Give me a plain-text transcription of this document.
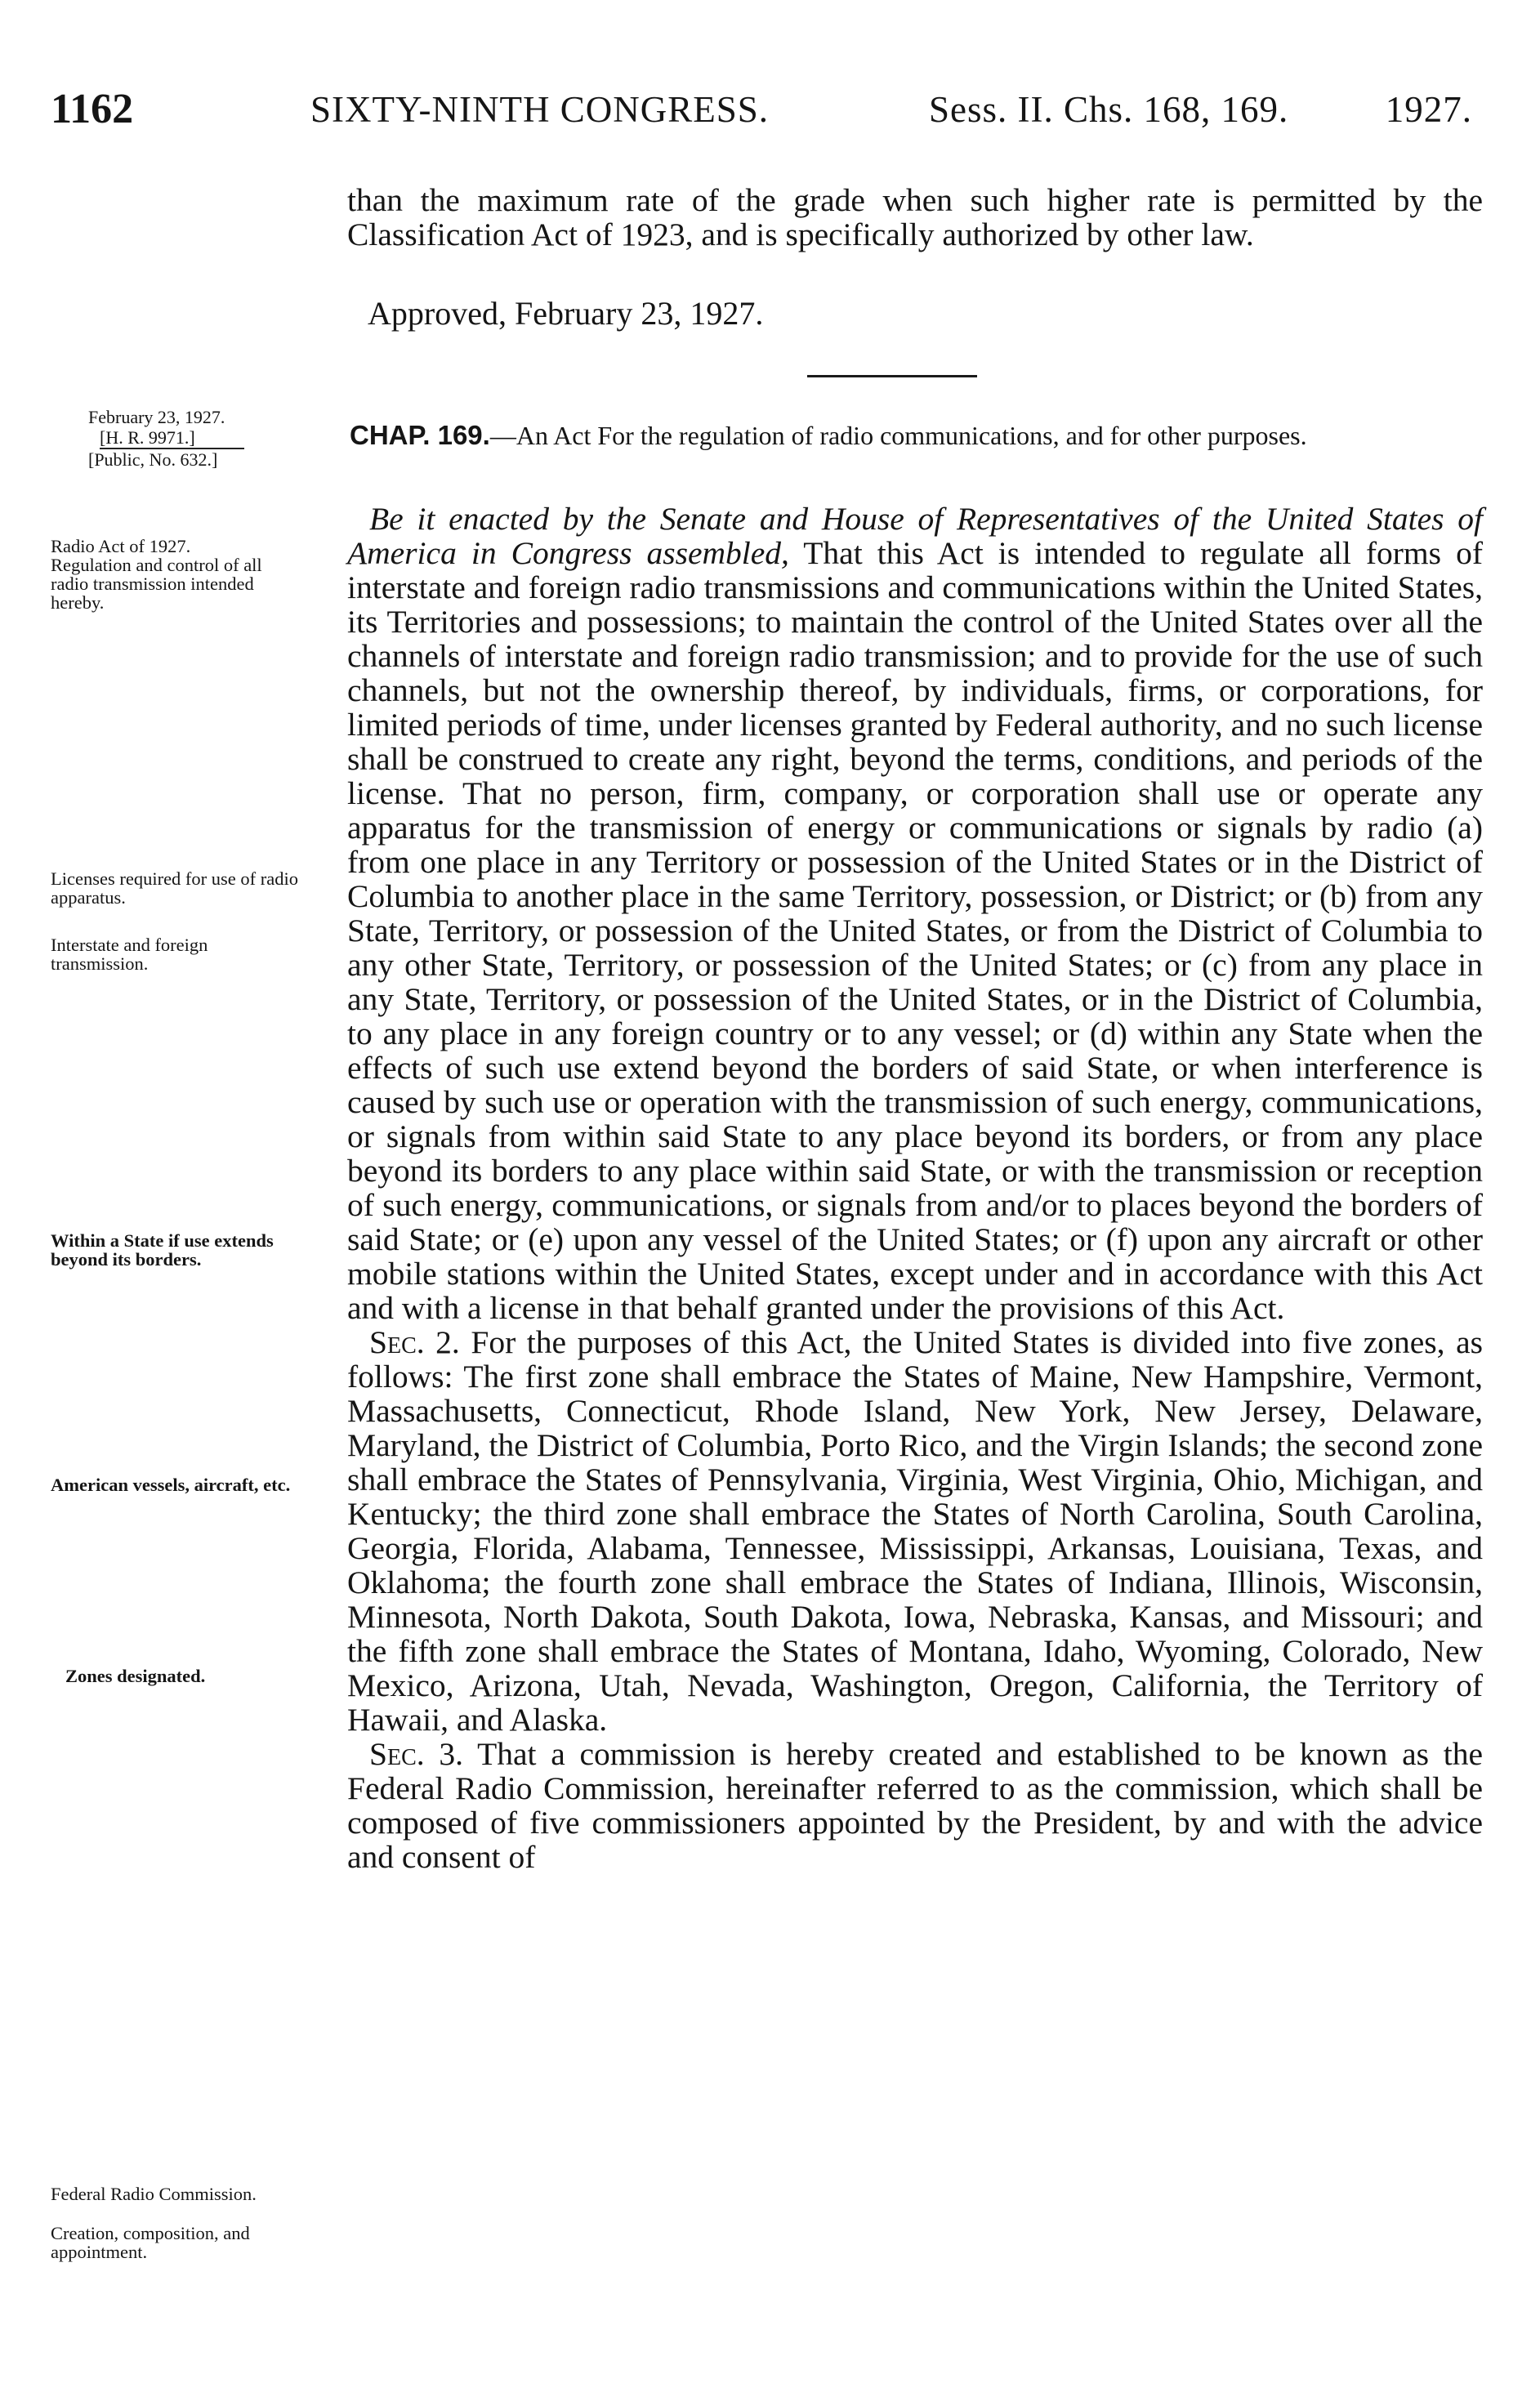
1162	SIXTY-NINTH CONGRESS.	Sess. II. Chs. 168, 169.	1927.

than the maximum rate of the grade when such higher rate is permitted by the Classification Act of 1923, and is specifically authorized by other law.

Approved, February 23, 1927.
February 23, 1927.
[H. R. 9971.]
[Public, No. 632.]
CHAP. 169.—An Act For the regulation of radio communications, and for other purposes.

Be it enacted by the Senate and House of Representatives of the United States of America in Congress assembled, That this Act is intended to regulate all forms of interstate and foreign radio transmissions and communications within the United States, its Territories and possessions; to maintain the control of the United States over all the channels of interstate and foreign radio transmission; and to provide for the use of such channels, but not the ownership thereof, by individuals, firms, or corporations, for limited periods of time, under licenses granted by Federal authority, and no such license shall be construed to create any right, beyond the terms, conditions, and periods of the license. That no person, firm, company, or corporation shall use or operate any apparatus for the transmission of energy or communications or signals by radio (a) from one place in any Territory or possession of the United States or in the District of Columbia to another place in the same Territory, possession, or District; or (b) from any State, Territory, or possession of the United States, or from the District of Columbia to any other State, Territory, or possession of the United States; or (c) from any place in any State, Territory, or possession of the United States, or in the District of Columbia, to any place in any foreign country or to any vessel; or (d) within any State when the effects of such use extend beyond the borders of said State, or when interference is caused by such use or operation with the transmission of such energy, communications, or signals from within said State to any place beyond its borders, or from any place beyond its borders to any place within said State, or with the transmission or reception of such energy, communications, or signals from and/or to places beyond the borders of said State; or (e) upon any vessel of the United States; or (f) upon any aircraft or other mobile stations within the United States, except under and in accordance with this Act and with a license in that behalf granted under the provisions of this Act.

Sec. 2. For the purposes of this Act, the United States is divided into five zones, as follows: The first zone shall embrace the States of Maine, New Hampshire, Vermont, Massachusetts, Connecticut, Rhode Island, New York, New Jersey, Delaware, Maryland, the District of Columbia, Porto Rico, and the Virgin Islands; the second zone shall embrace the States of Pennsylvania, Virginia, West Virginia, Ohio, Michigan, and Kentucky; the third zone shall embrace the States of North Carolina, South Carolina, Georgia, Florida, Alabama, Tennessee, Mississippi, Arkansas, Louisiana, Texas, and Oklahoma; the fourth zone shall embrace the States of Indiana, Illinois, Wisconsin, Minnesota, North Dakota, South Dakota, Iowa, Nebraska, Kansas, and Missouri; and the fifth zone shall embrace the States of Montana, Idaho, Wyoming, Colorado, New Mexico, Arizona, Utah, Nevada, Washington, Oregon, California, the Territory of Hawaii, and Alaska.

Sec. 3. That a commission is hereby created and established to be known as the Federal Radio Commission, hereinafter referred to as the commission, which shall be composed of five commissioners appointed by the President, by and with the advice and consent of

Radio Act of 1927.
Regulation and control of all radio transmission intended hereby.
Licenses required for use of radio apparatus.
Interstate and foreign transmission.
Within a State if use extends beyond its borders.
American vessels, aircraft, etc.
Zones designated.
Federal Radio Commission.
Creation, composition, and appointment.
